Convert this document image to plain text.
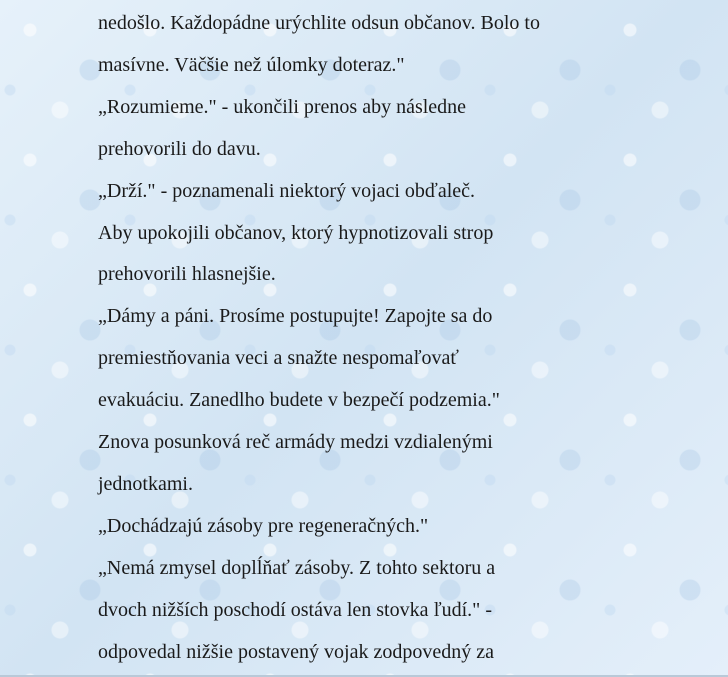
nedošlo. Každopádne urýchlite odsun občanov. Bolo to
masívne. Väčšie než úlomky doteraz."
„Rozumieme." - ukončili prenos aby následne
prehovorili do davu.
„Drží." - poznamenali niektorý vojaci obďaleč.
Aby upokojili občanov, ktorý hypnotizovali strop
prehovorili hlasnejšie.
„Dámy a páni. Prosíme postupujte! Zapojte sa do
premiestňovania veci a snažte nespomaľovať
evakuáciu. Zanedlho budete v bezpečí podzemia."
Znova posunková reč armády medzi vzdialenými
jednotkami.
„Dochádzajú zásoby pre regeneračných."
„Nemá zmysel doplĺňať zásoby. Z tohto sektoru a
dvoch nižších poschodí ostáva len stovka ľudí." -
odpovedal nižšie postavený vojak zodpovedný za
